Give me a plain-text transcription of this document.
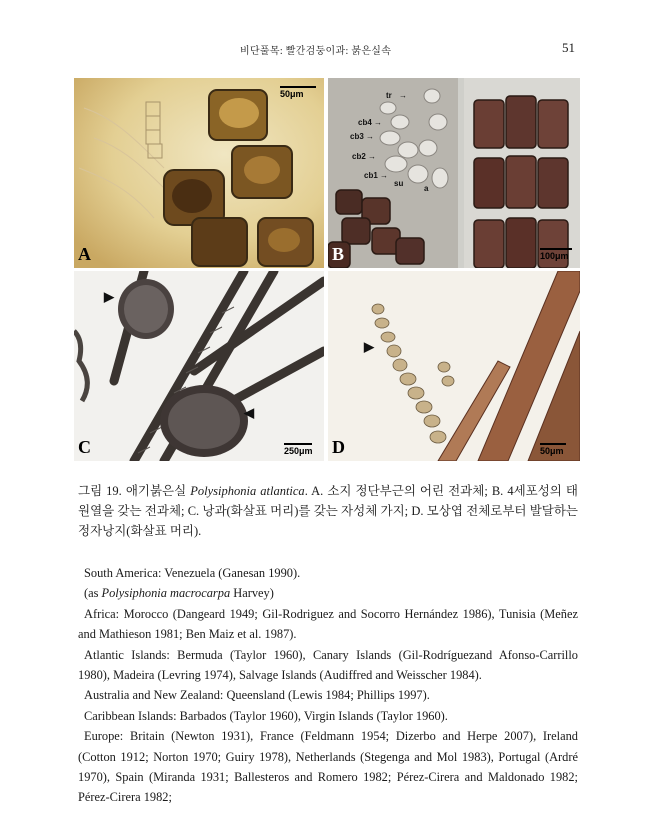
비단풀목: 빨간검둥이과: 붉은실속	51
50μm
A
tr →
cb4 →
cb3 →
cb2 →
cb1 →
su
a
100μm
B
▶
◀
250μm
C
▶
50μm
D
그림 19. 애기붉은실 Polysiphonia atlantica. A. 소지 정단부근의 어린 전과체; B. 4세포성의 태원열을 갖는 전과체; C. 낭과(화살표 머리)를 갖는 자성체 가지; D. 모상엽 전체로부터 발달하는 정자낭지(화살표 머리).

South America: Venezuela (Ganesan 1990).

(as Polysiphonia macrocarpa Harvey)

Africa: Morocco (Dangeard 1949; Gil-Rodriguez and Socorro Hernández 1986), Tunisia (Meñez and Mathieson 1981; Ben Maiz et al. 1987).

Atlantic Islands: Bermuda (Taylor 1960), Canary Islands (Gil-Rodríguezand Afonso-Carrillo 1980), Madeira (Levring 1974), Salvage Islands (Audiffred and Weisscher 1984).

Australia and New Zealand: Queensland (Lewis 1984; Phillips 1997).

Caribbean Islands: Barbados (Taylor 1960), Virgin Islands (Taylor 1960).

Europe: Britain (Newton 1931), France (Feldmann 1954; Dizerbo and Herpe 2007), Ireland (Cotton 1912; Norton 1970; Guiry 1978), Netherlands (Stegenga and Mol 1983), Portugal (Ardré 1970), Spain (Miranda 1931; Ballesteros and Romero 1982; Pérez-Cirera and Maldonado 1982; Pérez-Cirera 1982;
